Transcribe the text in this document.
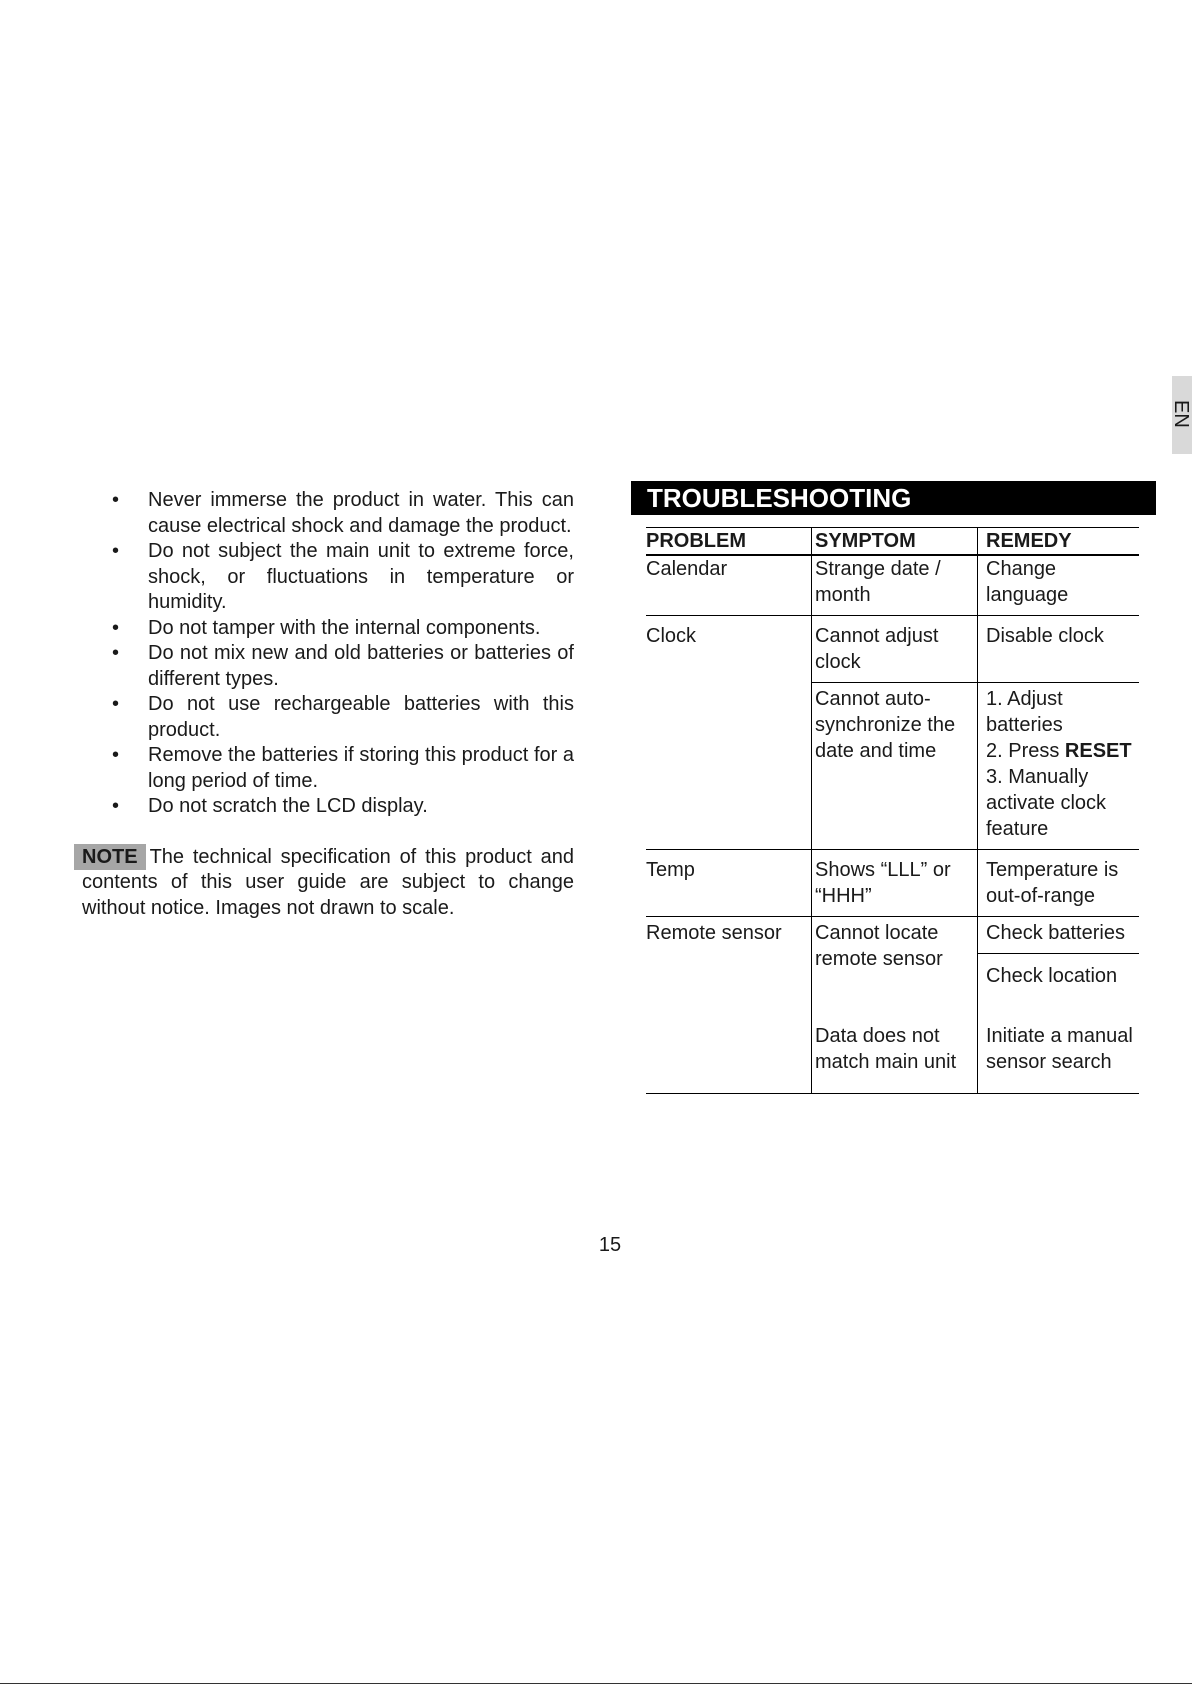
EN
• Never immerse the product in water. This can cause electrical shock and damage the product.
• Do not subject the main unit to extreme force, shock, or fluctuations in temperature or humidity.
• Do not tamper with the internal components.
• Do not mix new and old batteries or batteries of different types.
• Do not use rechargeable batteries with this product.
• Remove the batteries if storing this product for a long period of time.
• Do not scratch the LCD display.

NOTE The technical specification of this product and contents of this user guide are subject to change without notice. Images not drawn to scale.

TROUBLESHOOTING
PROBLEM	SYMPTOM	REMEDY
Calendar	Strange date / month	Change language
Clock	Cannot adjust clock	Disable clock
	Cannot auto-synchronize the date and time	1. Adjust batteries
2. Press RESET
3. Manually activate clock feature

Temp	Shows “LLL” or “HHH”	Temperature is out-of-range
Remote sensor	Cannot locate remote sensor	Check batteries
		Check location
	Data does not match main unit	Initiate a manual sensor search
15
